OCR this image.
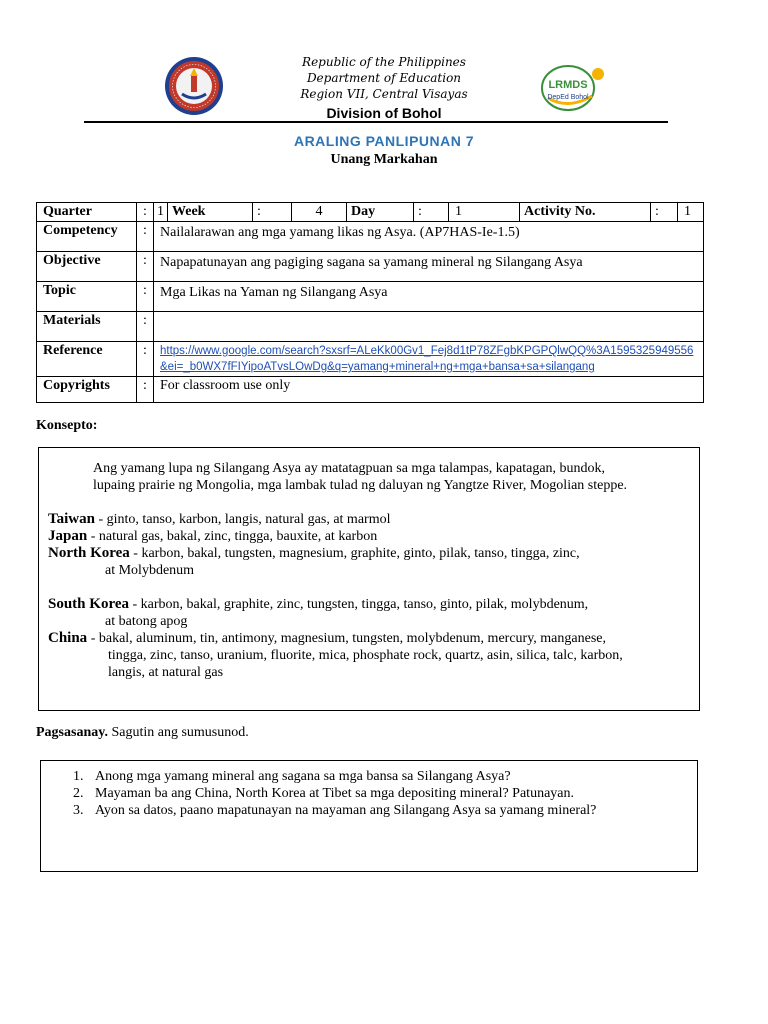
Republic of the Philippines
Department of Education
Region VII, Central Visayas
Division of Bohol
LRMDS
DepEd Bohol
ARALING PANLIPUNAN 7
Unang Markahan
Quarter	:	1	Week	:	4	Day	:	1	Activity No.	:	1

Competency	:	Nailalarawan ang mga yamang likas ng Asya. (AP7HAS-Ie-1.5)
Objective	:	Napapatunayan ang pagiging sagana sa yamang mineral ng Silangang Asya
Topic	:	Mga Likas na Yaman ng Silangang Asya
Materials	:	
Reference	:	https://www.google.com/search?sxsrf=ALeKk00Gv1_Fej8d1tP78ZFgbKPGPQlwQQ%3A1595325949556&ei=_b0WX7fFIYipoATvsLOwDg&q=yamang+mineral+ng+mga+bansa+sa+silangang
Copyrights	:	For classroom use only
Konsepto:
Ang yamang lupa ng Silangang Asya ay matatagpuan sa mga talampas, kapatagan, bundok,
lupaing prairie ng Mongolia, mga lambak tulad ng daluyan ng Yangtze River, Mogolian steppe.
Taiwan - ginto, tanso, karbon, langis, natural gas, at marmol
Japan - natural gas, bakal, zinc, tingga, bauxite, at karbon
North Korea - karbon, bakal, tungsten, magnesium, graphite, ginto, pilak, tanso, tingga, zinc,
at Molybdenum
South Korea - karbon, bakal, graphite, zinc, tungsten, tingga, tanso, ginto, pilak, molybdenum,
at batong apog
China - bakal, aluminum, tin, antimony, magnesium, tungsten, molybdenum, mercury, manganese,
tingga, zinc, tanso, uranium, fluorite, mica, phosphate rock, quartz, asin, silica, talc, karbon,
langis, at natural gas
Pagsasanay. Sagutin ang sumusunod.
1. Anong mga yamang mineral ang sagana sa mga bansa sa Silangang Asya?
2. Mayaman ba ang China, North Korea at Tibet sa mga depositing mineral? Patunayan.
3. Ayon sa datos, paano mapatunayan na mayaman ang Silangang Asya sa yamang mineral?
